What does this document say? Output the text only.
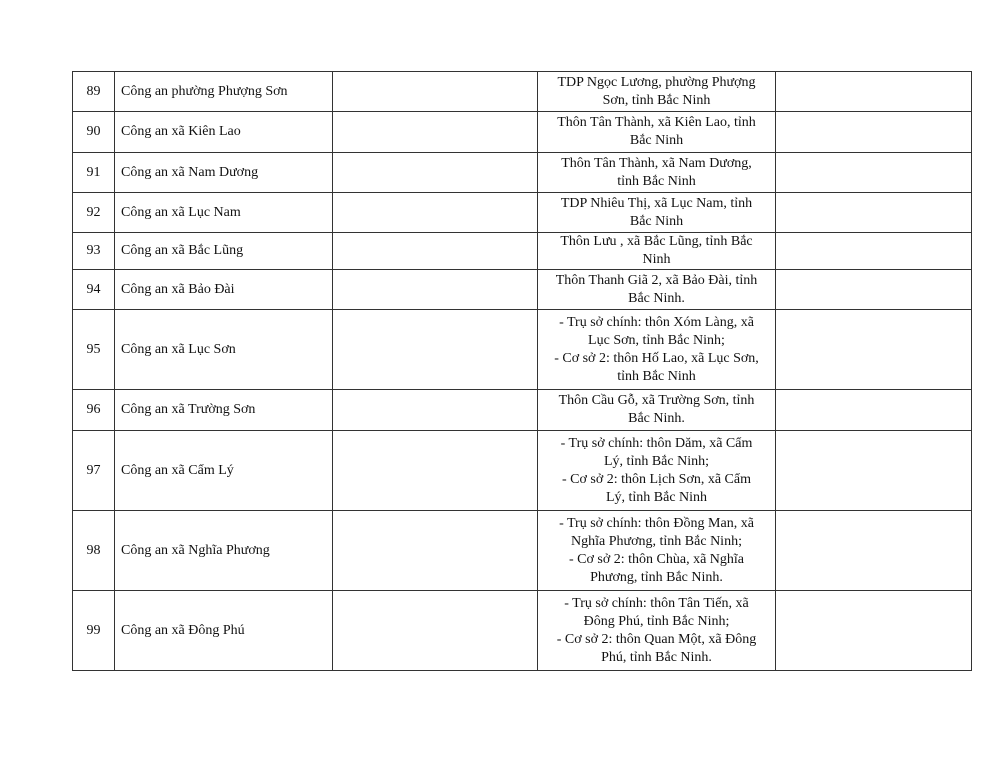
89	Công an phường Phượng Sơn		TDP Ngọc Lương, phường Phượng
Sơn, tỉnh Bắc Ninh	

90	Công an xã Kiên Lao		Thôn Tân Thành, xã Kiên Lao, tỉnh
Bắc Ninh	

91	Công an xã Nam Dương		Thôn Tân Thành, xã Nam Dương,
tỉnh Bắc Ninh	

92	Công an xã Lục Nam		TDP Nhiêu Thị, xã Lục Nam, tỉnh
Bắc Ninh	

93	Công an xã Bắc Lũng		Thôn Lưu , xã Bắc Lũng, tỉnh Bắc
Ninh	

94	Công an xã Bảo Đài		Thôn Thanh Giã 2, xã Bảo Đài, tỉnh
Bắc Ninh.	

95	Công an xã Lục Sơn		- Trụ sở chính: thôn Xóm Làng, xã
Lục Sơn, tỉnh Bắc Ninh;
- Cơ sở 2: thôn Hố Lao, xã Lục Sơn,
tỉnh Bắc Ninh	

96	Công an xã Trường Sơn		Thôn Cầu Gỗ, xã Trường Sơn, tỉnh
Bắc Ninh.	

97	Công an xã Cẩm Lý		- Trụ sở chính: thôn Dăm, xã Cẩm
Lý, tỉnh Bắc Ninh;
- Cơ sở 2: thôn Lịch Sơn, xã Cẩm
Lý, tỉnh Bắc Ninh	

98	Công an xã Nghĩa Phương		- Trụ sở chính: thôn Đồng Man, xã
Nghĩa Phương, tỉnh Bắc Ninh;
- Cơ sở 2: thôn Chùa, xã Nghĩa
Phương, tỉnh Bắc Ninh.	

99	Công an xã Đông Phú		- Trụ sở chính: thôn Tân Tiến, xã
Đông Phú, tỉnh Bắc Ninh;
- Cơ sở 2: thôn Quan Một, xã Đông
Phú, tỉnh Bắc Ninh.	
